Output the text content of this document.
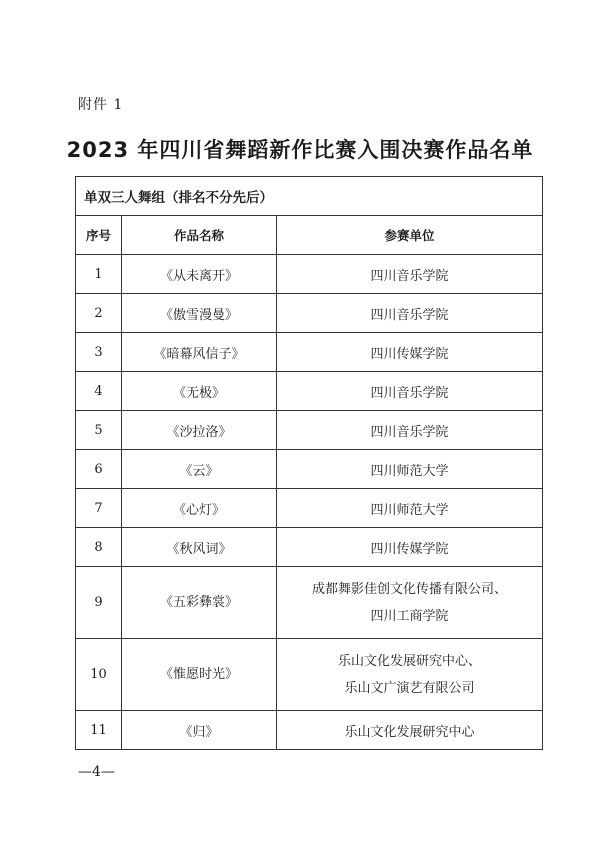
附件 1
2023 年四川省舞蹈新作比赛入围决赛作品名单
单双三人舞组（排名不分先后）		
序号	作品名称	参赛单位
1	《从未离开》	四川音乐学院

2	《傲雪漫曼》	四川音乐学院

3	《暗幕风信子》	四川传媒学院

4	《无极》	四川音乐学院

5	《沙拉洛》	四川音乐学院

6	《云》	四川师范大学

7	《心灯》	四川师范大学

8	《秋风词》	四川传媒学院

9	《五彩彝裳》	成都舞影佳创文化传播有限公司、
四川工商学院

10	《惟愿时光》	乐山文化发展研究中心、
乐山文广演艺有限公司

11	《归》	乐山文化发展研究中心
—4—
